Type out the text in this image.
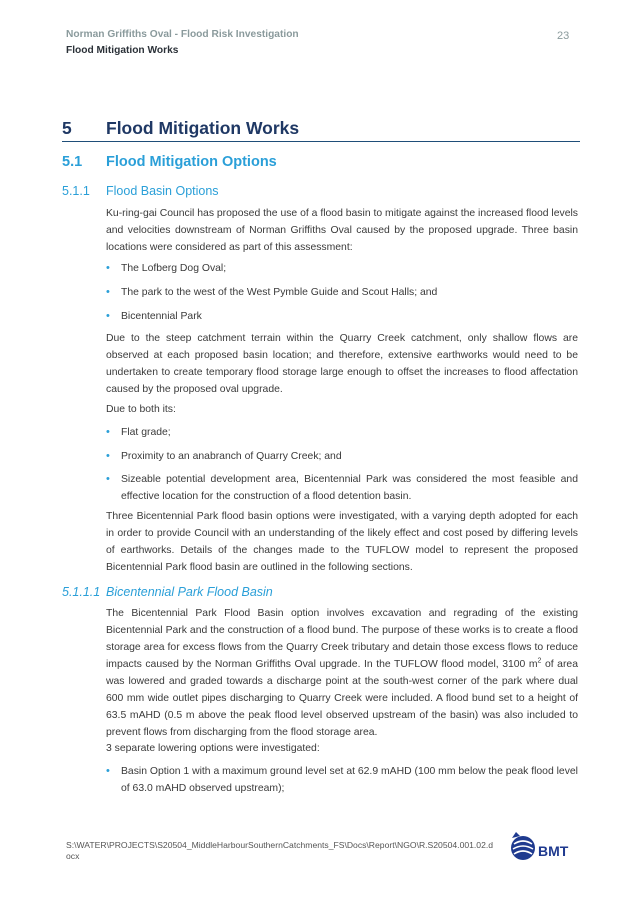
Norman Griffiths Oval - Flood Risk Investigation
Flood Mitigation Works
23
5 Flood Mitigation Works
5.1 Flood Mitigation Options
5.1.1 Flood Basin Options
Ku-ring-gai Council has proposed the use of a flood basin to mitigate against the increased flood levels and velocities downstream of Norman Griffiths Oval caused by the proposed upgrade. Three basin locations were considered as part of this assessment:
• The Lofberg Dog Oval;
• The park to the west of the West Pymble Guide and Scout Halls; and
• Bicentennial Park
Due to the steep catchment terrain within the Quarry Creek catchment, only shallow flows are observed at each proposed basin location; and therefore, extensive earthworks would need to be undertaken to create temporary flood storage large enough to offset the increases to flood affectation caused by the proposed oval upgrade.
Due to both its:
• Flat grade;
• Proximity to an anabranch of Quarry Creek; and
• Sizeable potential development area, Bicentennial Park was considered the most feasible and effective location for the construction of a flood detention basin.
Three Bicentennial Park flood basin options were investigated, with a varying depth adopted for each in order to provide Council with an understanding of the likely effect and cost posed by differing levels of earthworks. Details of the changes made to the TUFLOW model to represent the proposed Bicentennial Park flood basin are outlined in the following sections.
5.1.1.1 Bicentennial Park Flood Basin
The Bicentennial Park Flood Basin option involves excavation and regrading of the existing Bicentennial Park and the construction of a flood bund. The purpose of these works is to create a flood storage area for excess flows from the Quarry Creek tributary and detain those excess flows to reduce impacts caused by the Norman Griffiths Oval upgrade. In the TUFLOW flood model, 3100 $m^2$ of area was lowered and graded towards a discharge point at the south-west corner of the park where dual 600 mm wide outlet pipes discharging to Quarry Creek were included. A flood bund set to a height of 63.5 mAHD (0.5 m above the peak flood level observed upstream of the basin) was also included to prevent flows from discharging from the flood storage area.
3 separate lowering options were investigated:
• Basin Option 1 with a maximum ground level set at 62.9 mAHD (100 mm below the peak flood level of 63.0 mAHD observed upstream);
S:\WATER\PROJECTS\S20504_MiddleHarbourSouthernCatchments_FS\Docs\Report\NGO\R.S20504.001.02.docx	BMT
